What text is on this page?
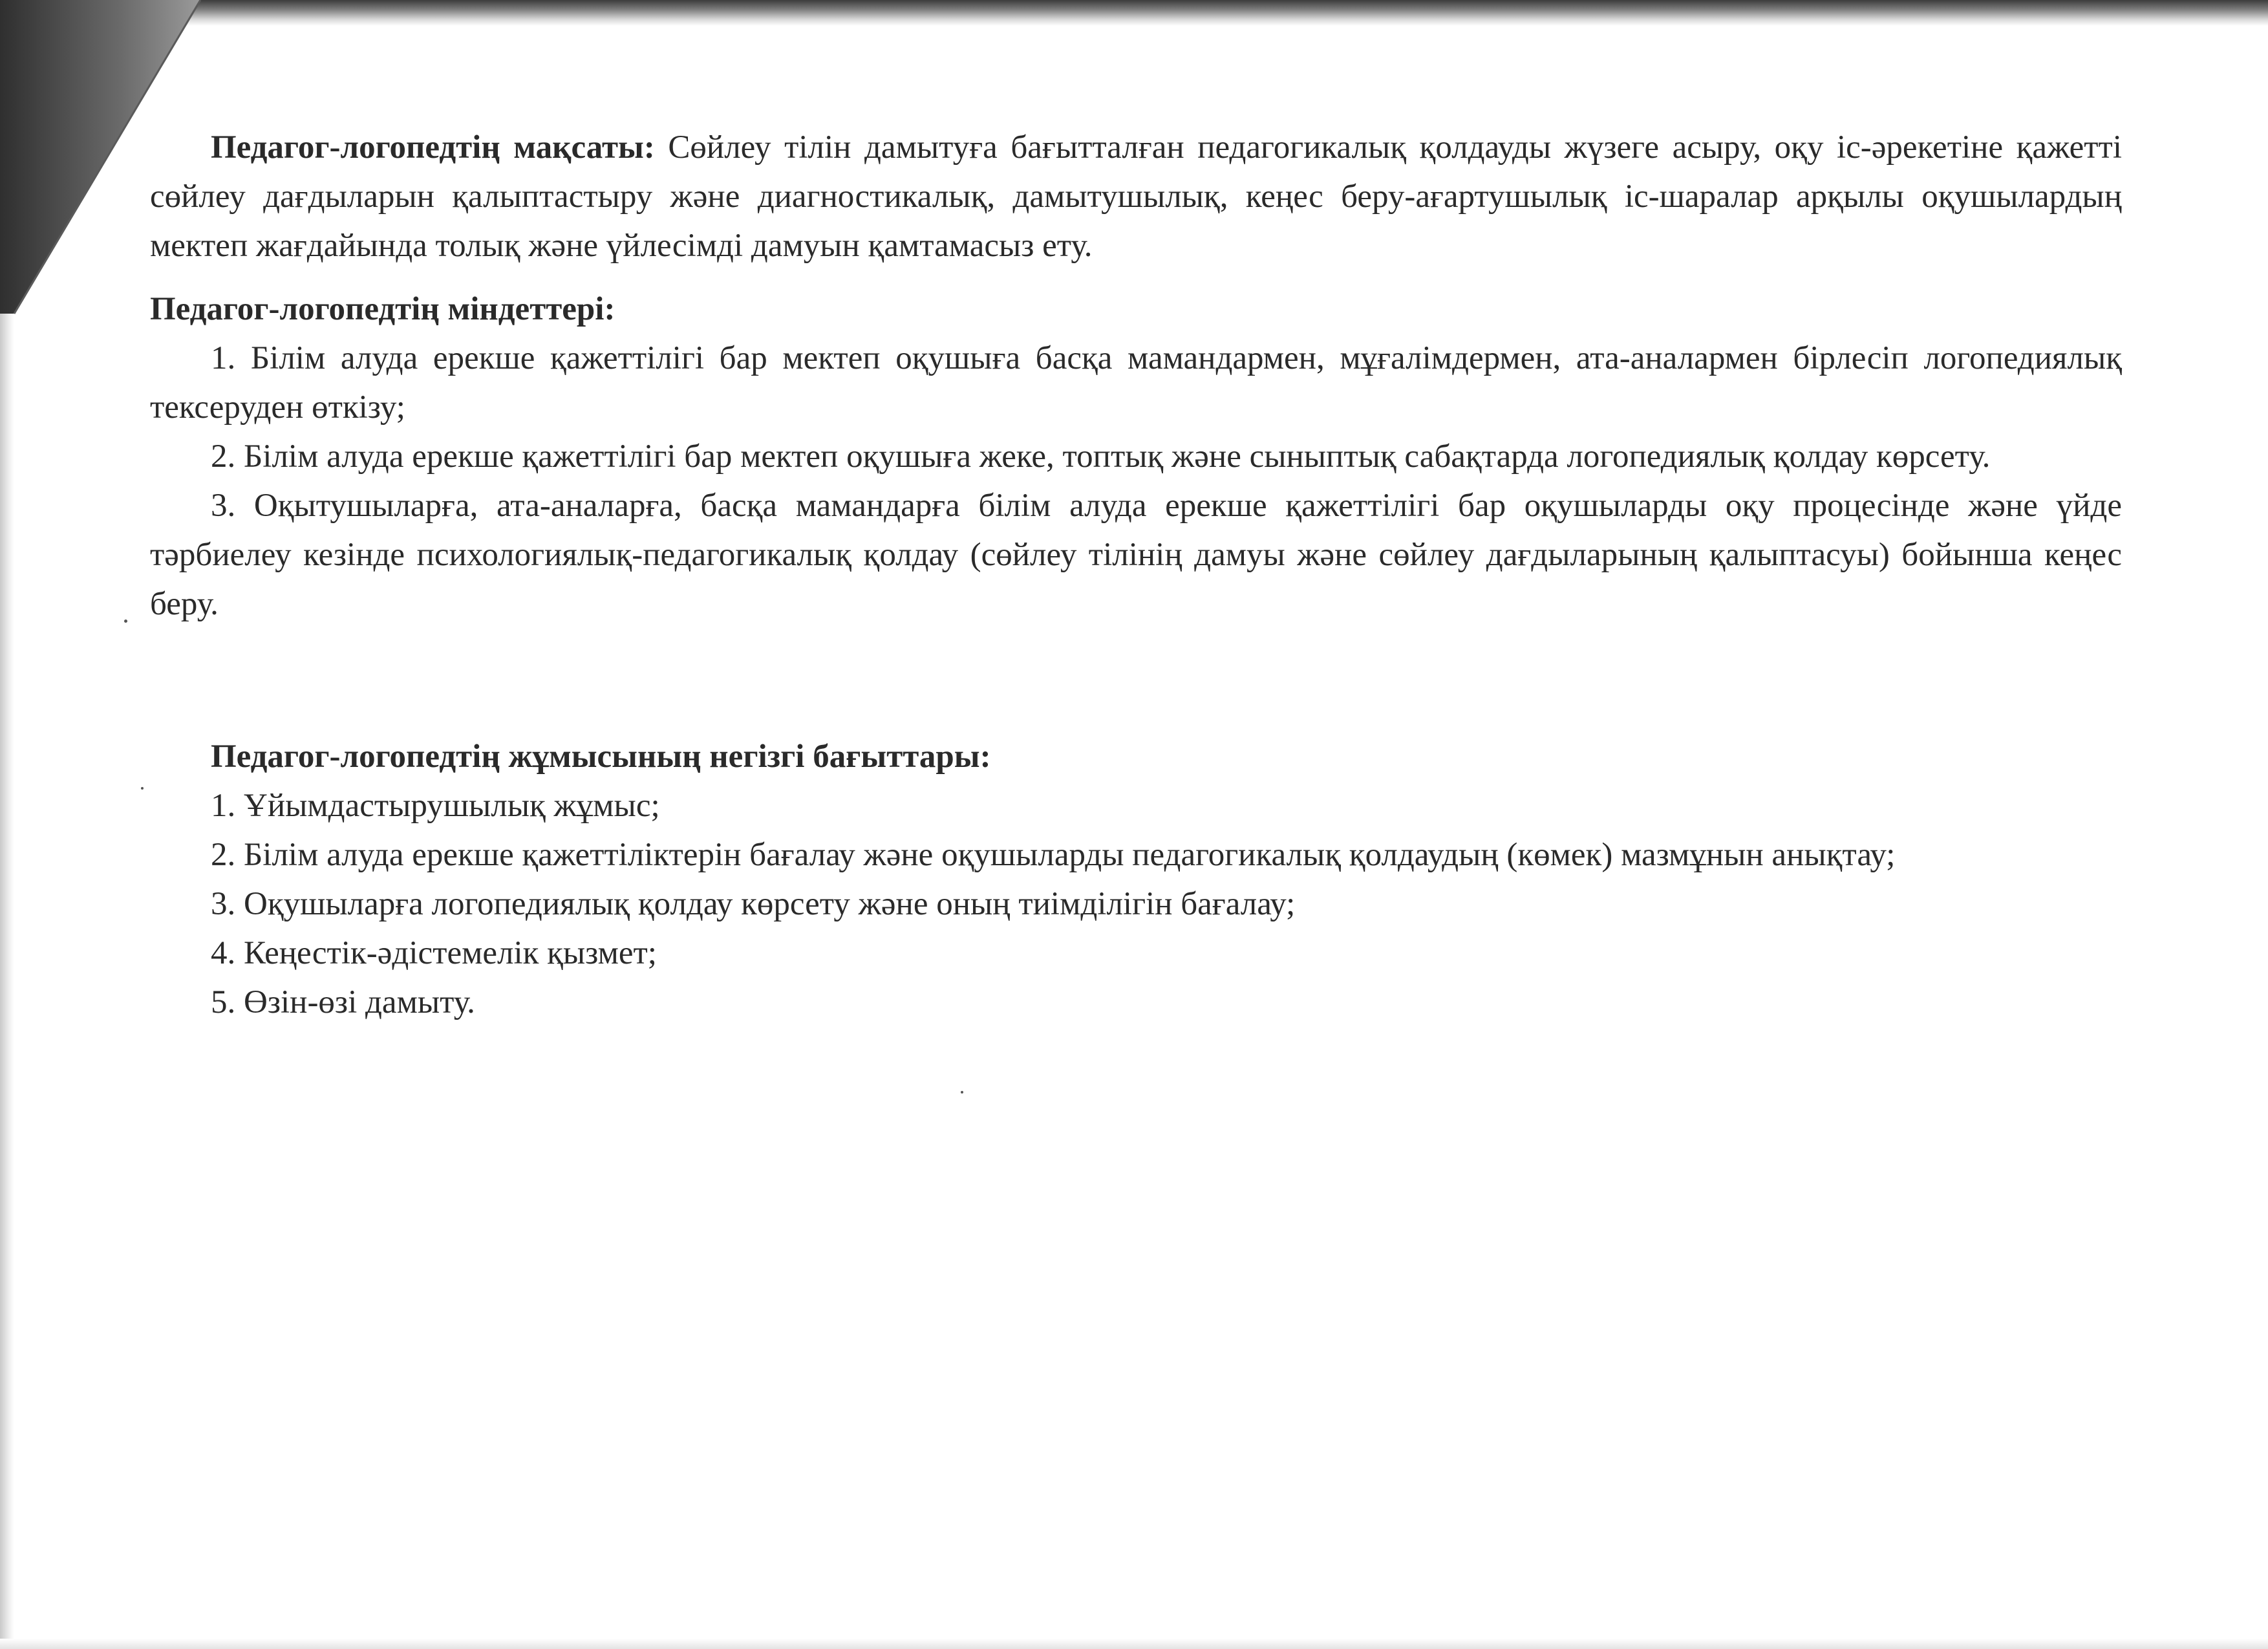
Педагог-логопедтің мақсаты: Сөйлеу тілін дамытуға бағытталған педагогикалық қолдауды жүзеге асыру, оқу іс-әрекетіне қажетті сөйлеу дағдыларын қалыптастыру және диагностикалық, дамытушылық, кеңес беру-ағартушылық іс-шаралар арқылы оқушылардың мектеп жағдайында толық және үйлесімді дамуын қамтамасыз ету.

Педагог-логопедтің міндеттері:

1. Білім алуда ерекше қажеттілігі бар мектеп оқушыға басқа мамандармен, мұғалімдермен, ата-аналармен бірлесіп логопедиялық тексеруден өткізу;

2. Білім алуда ерекше қажеттілігі бар мектеп оқушыға жеке, топтық және сыныптық сабақтарда логопедиялық қолдау көрсету.

3. Оқытушыларға, ата-аналарға, басқа мамандарға білім алуда ерекше қажеттілігі бар оқушыларды оқу процесінде және үйде тәрбиелеу кезінде психологиялық-педагогикалық қолдау (сөйлеу тілінің дамуы және сөйлеу дағдыларының қалыптасуы) бойынша кеңес беру.

Педагог-логопедтің жұмысының негізгі бағыттары:

1. Ұйымдастырушылық жұмыс;

2. Білім алуда ерекше қажеттіліктерін бағалау және оқушыларды педагогикалық қолдаудың (көмек) мазмұнын анықтау;

3. Оқушыларға логопедиялық қолдау көрсету және оның тиімділігін бағалау;

4. Кеңестік-әдістемелік қызмет;

5. Өзін-өзі дамыту.
